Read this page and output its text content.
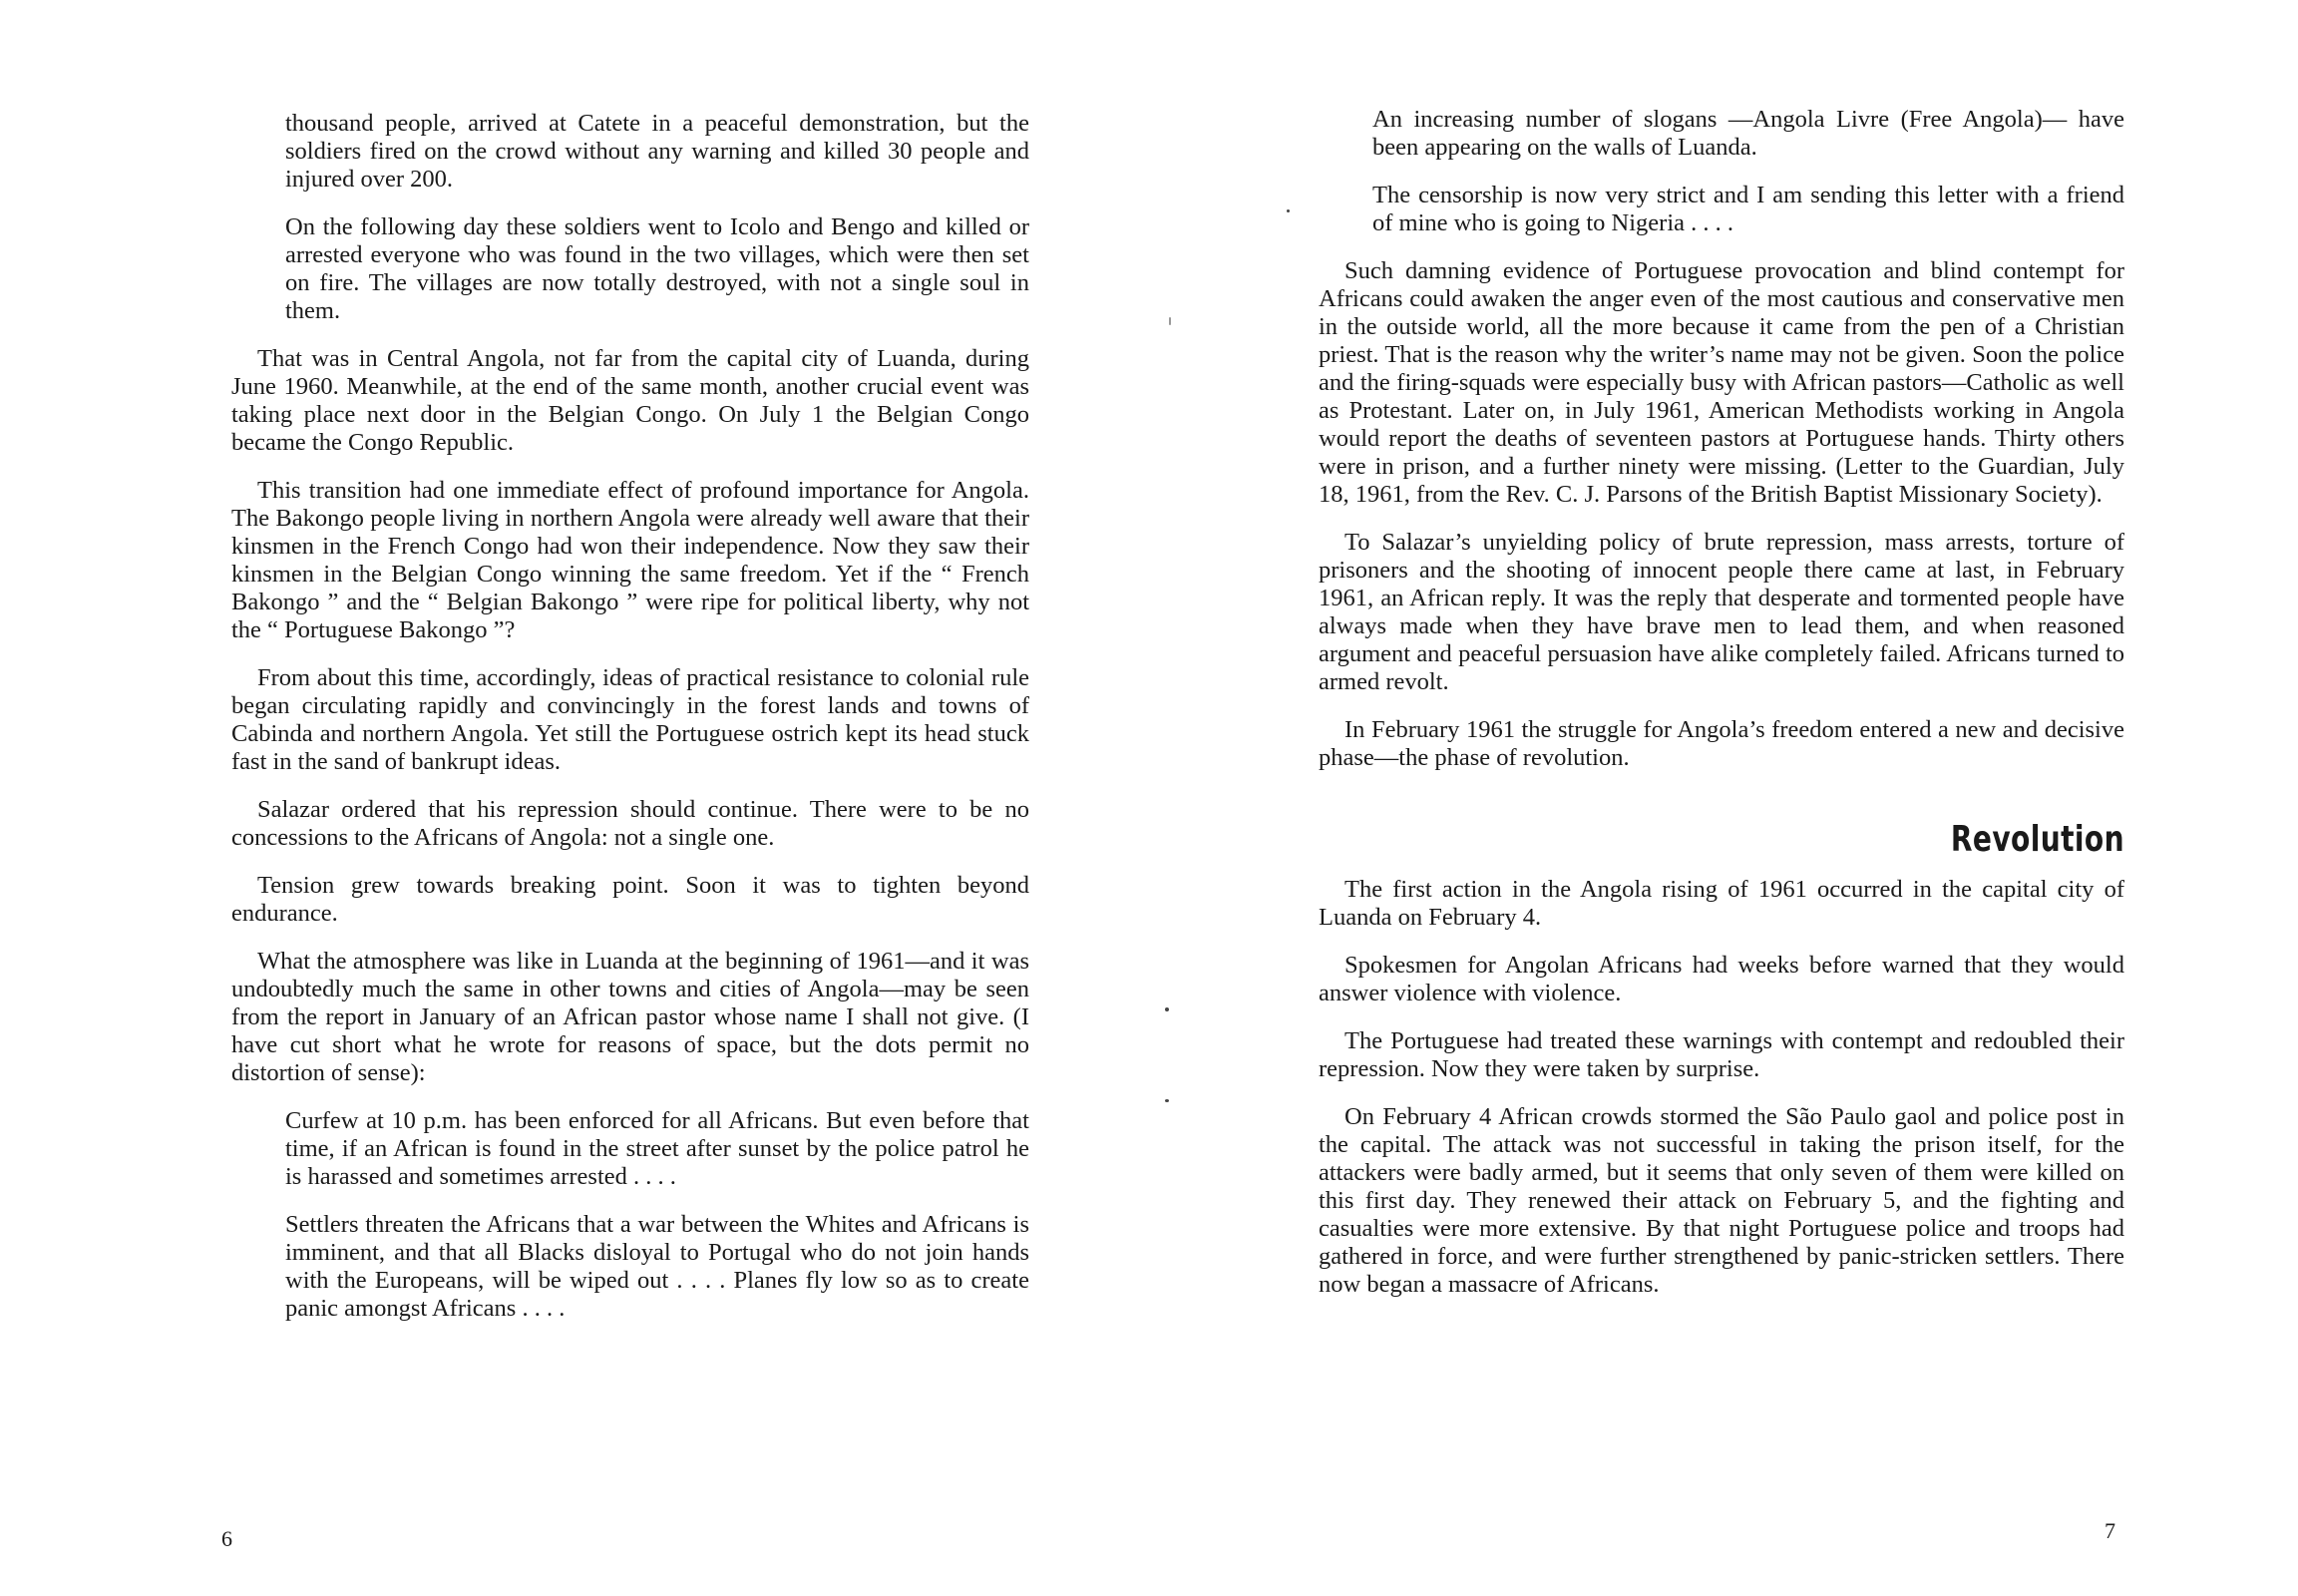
thousand people, arrived at Catete in a peaceful demonstration, but the soldiers fired on the crowd without any warning and killed 30 people and injured over 200.

On the following day these soldiers went to Icolo and Bengo and killed or arrested everyone who was found in the two villages, which were then set on fire. The villages are now totally destroyed, with not a single soul in them.

That was in Central Angola, not far from the capital city of Luanda, during June 1960. Meanwhile, at the end of the same month, another crucial event was taking place next door in the Belgian Congo. On July 1 the Belgian Congo became the Congo Republic.

This transition had one immediate effect of profound importance for Angola. The Bakongo people living in northern Angola were already well aware that their kinsmen in the French Congo had won their independence. Now they saw their kinsmen in the Belgian Congo winning the same freedom. Yet if the “ French Bakongo ” and the “ Belgian Bakongo ” were ripe for political liberty, why not the “ Portuguese Bakongo ”?

From about this time, accordingly, ideas of practical resistance to colonial rule began circulating rapidly and convincingly in the forest lands and towns of Cabinda and northern Angola. Yet still the Portuguese ostrich kept its head stuck fast in the sand of bankrupt ideas.

Salazar ordered that his repression should continue. There were to be no concessions to the Africans of Angola: not a single one.

Tension grew towards breaking point. Soon it was to tighten beyond endurance.

What the atmosphere was like in Luanda at the beginning of 1961—and it was undoubtedly much the same in other towns and cities of Angola—may be seen from the report in January of an African pastor whose name I shall not give. (I have cut short what he wrote for reasons of space, but the dots permit no distortion of sense):

Curfew at 10 p.m. has been enforced for all Africans. But even before that time, if an African is found in the street after sunset by the police patrol he is harassed and sometimes arrested . . . .

Settlers threaten the Africans that a war between the Whites and Africans is imminent, and that all Blacks disloyal to Portugal who do not join hands with the Europeans, will be wiped out . . . . Planes fly low so as to create panic amongst Africans . . . .

6

An increasing number of slogans —Angola Livre (Free Angola)— have been appearing on the walls of Luanda.

The censorship is now very strict and I am sending this letter with a friend of mine who is going to Nigeria . . . .

Such damning evidence of Portuguese provocation and blind contempt for Africans could awaken the anger even of the most cautious and conservative men in the outside world, all the more because it came from the pen of a Christian priest. That is the reason why the writer’s name may not be given. Soon the police and the firing-squads were especially busy with African pastors—Catholic as well as Protestant. Later on, in July 1961, American Methodists working in Angola would report the deaths of seventeen pastors at Portuguese hands. Thirty others were in prison, and a further ninety were missing. (Letter to the Guardian, July 18, 1961, from the Rev. C. J. Parsons of the British Baptist Missionary Society).

To Salazar’s unyielding policy of brute repression, mass arrests, torture of prisoners and the shooting of innocent people there came at last, in February 1961, an African reply. It was the reply that desperate and tormented people have always made when they have brave men to lead them, and when reasoned argument and peaceful persuasion have alike completely failed. Africans turned to armed revolt.

In February 1961 the struggle for Angola’s freedom entered a new and decisive phase—the phase of revolution.

Revolution

The first action in the Angola rising of 1961 occurred in the capital city of Luanda on February 4.

Spokesmen for Angolan Africans had weeks before warned that they would answer violence with violence.

The Portuguese had treated these warnings with contempt and redoubled their repression. Now they were taken by surprise.

On February 4 African crowds stormed the São Paulo gaol and police post in the capital. The attack was not successful in taking the prison itself, for the attackers were badly armed, but it seems that only seven of them were killed on this first day. They renewed their attack on February 5, and the fighting and casualties were more extensive. By that night Portuguese police and troops had gathered in force, and were further strengthened by panic-stricken settlers. There now began a massacre of Africans.

7
